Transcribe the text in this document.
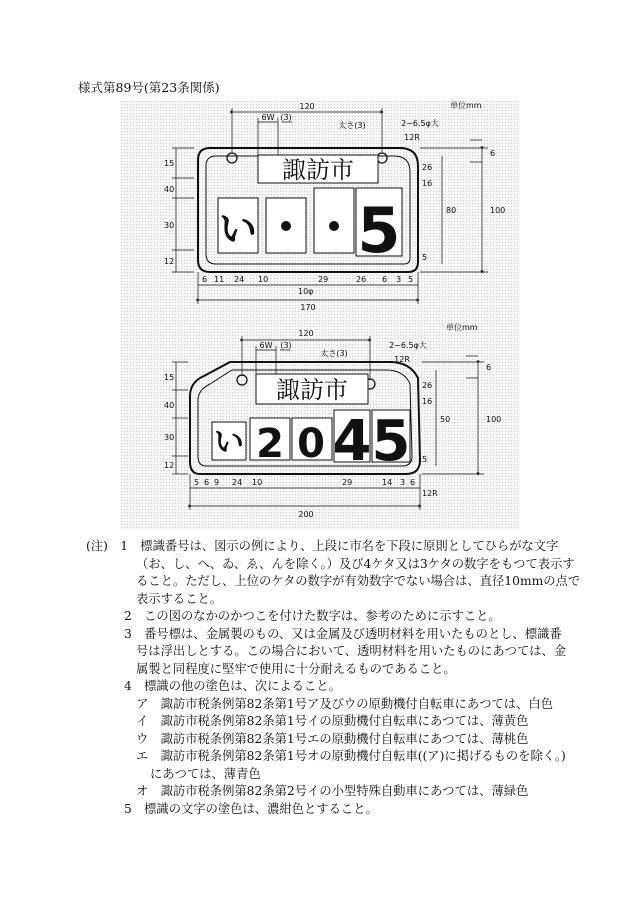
様式第89号(第23条関係)
諏訪市
い 5
120
6W (3)
太さ(3)	2−6.5φ大
12R
単位mm
170
100
80
15
40
30
12
26
16
6
5
6 11 24 10	29	26 6
10φ
3 5
諏訪市
い 2 0 4 5
120
6W (3)
太さ(3)
2−6.5φ大
12R
単位mm
200
100
50
15
40
30
12
26
16
6
5
5 6 9 24 10	29	14 3 6
12R
(注)　1　標識番号は、図示の例により、上段に市名を下段に原則としてひらがな文字
（お、し、へ、ゐ、ゑ、んを除く。）及び4ケタ又は3ケタの数字をもつて表示す
ること。ただし、上位のケタの数字が有効数字でない場合は、直径10mmの点で
表示すること。
2　この図のなかのかつこを付けた数字は、参考のために示すこと。
3　番号標は、金属製のもの、又は金属及び透明材料を用いたものとし、標識番
号は浮出しとする。この場合において、透明材料を用いたものにあつては、金
属製と同程度に堅牢で使用に十分耐えるものであること。
4　標識の他の塗色は、次によること。
ア　諏訪市税条例第82条第1号ア及びウの原動機付自転車にあつては、白色
イ　諏訪市税条例第82条第1号イの原動機付自転車にあつては、薄黄色
ウ　諏訪市税条例第82条第1号エの原動機付自転車にあつては、薄桃色
エ　諏訪市税条例第82条第1号オの原動機付自転車((ア)に掲げるものを除く。)
にあつては、薄青色
オ　諏訪市税条例第82条第2号イの小型特殊自動車にあつては、薄緑色
5　標識の文字の塗色は、濃紺色とすること。
